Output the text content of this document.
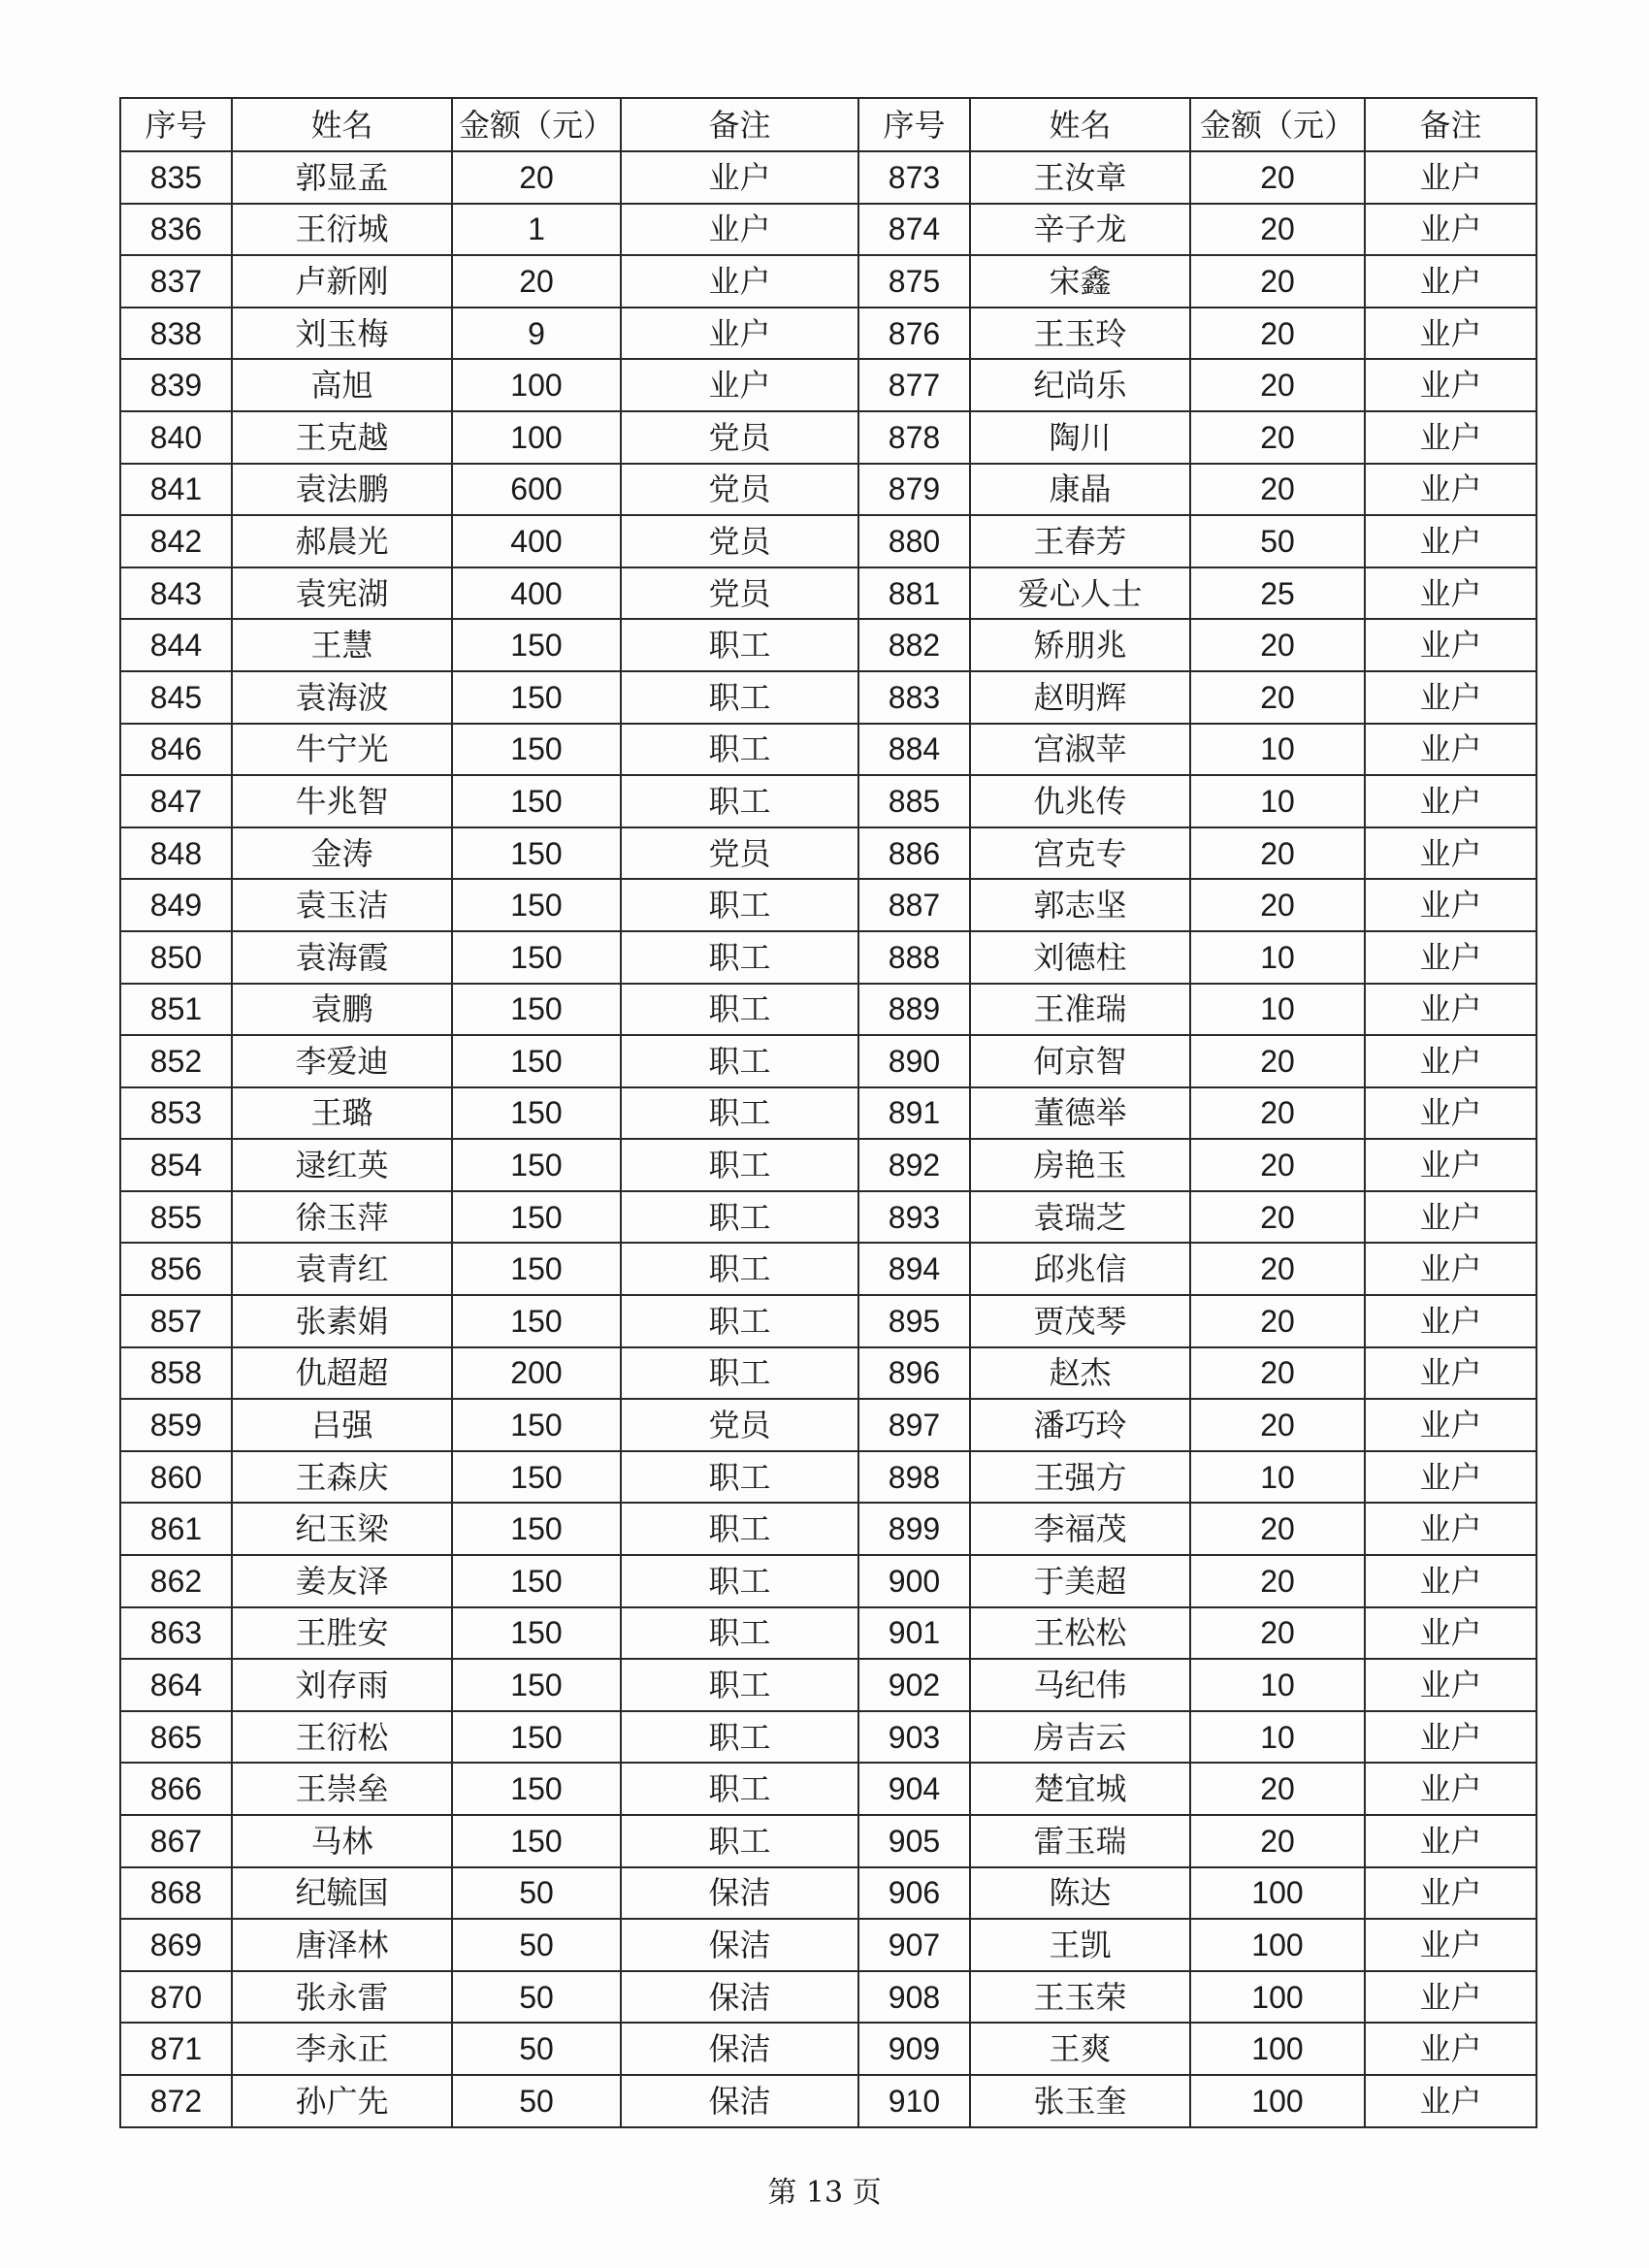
序号	姓名	金额（元）	备注	序号	姓名	金额（元）	备注
835	郭显孟	20	业户	873	王汝章	20	业户
836	王衍城	1	业户	874	辛子龙	20	业户
837	卢新刚	20	业户	875	宋鑫	20	业户
838	刘玉梅	9	业户	876	王玉玲	20	业户
839	高旭	100	业户	877	纪尚乐	20	业户
840	王克越	100	党员	878	陶川	20	业户
841	袁法鹏	600	党员	879	康晶	20	业户
842	郝晨光	400	党员	880	王春芳	50	业户
843	袁宪湖	400	党员	881	爱心人士	25	业户
844	王慧	150	职工	882	矫朋兆	20	业户
845	袁海波	150	职工	883	赵明辉	20	业户
846	牛宁光	150	职工	884	宫淑苹	10	业户
847	牛兆智	150	职工	885	仇兆传	10	业户
848	金涛	150	党员	886	宫克专	20	业户
849	袁玉洁	150	职工	887	郭志坚	20	业户
850	袁海霞	150	职工	888	刘德柱	10	业户
851	袁鹏	150	职工	889	王准瑞	10	业户
852	李爱迪	150	职工	890	何京智	20	业户
853	王璐	150	职工	891	董德举	20	业户
854	逯红英	150	职工	892	房艳玉	20	业户
855	徐玉萍	150	职工	893	袁瑞芝	20	业户
856	袁青红	150	职工	894	邱兆信	20	业户
857	张素娟	150	职工	895	贾茂琴	20	业户
858	仇超超	200	职工	896	赵杰	20	业户
859	吕强	150	党员	897	潘巧玲	20	业户
860	王森庆	150	职工	898	王强方	10	业户
861	纪玉梁	150	职工	899	李福茂	20	业户
862	姜友泽	150	职工	900	于美超	20	业户
863	王胜安	150	职工	901	王松松	20	业户
864	刘存雨	150	职工	902	马纪伟	10	业户
865	王衍松	150	职工	903	房吉云	10	业户
866	王崇垒	150	职工	904	楚宜城	20	业户
867	马林	150	职工	905	雷玉瑞	20	业户
868	纪毓国	50	保洁	906	陈达	100	业户
869	唐泽林	50	保洁	907	王凯	100	业户
870	张永雷	50	保洁	908	王玉荣	100	业户
871	李永正	50	保洁	909	王爽	100	业户
872	孙广先	50	保洁	910	张玉奎	100	业户
第 13 页
